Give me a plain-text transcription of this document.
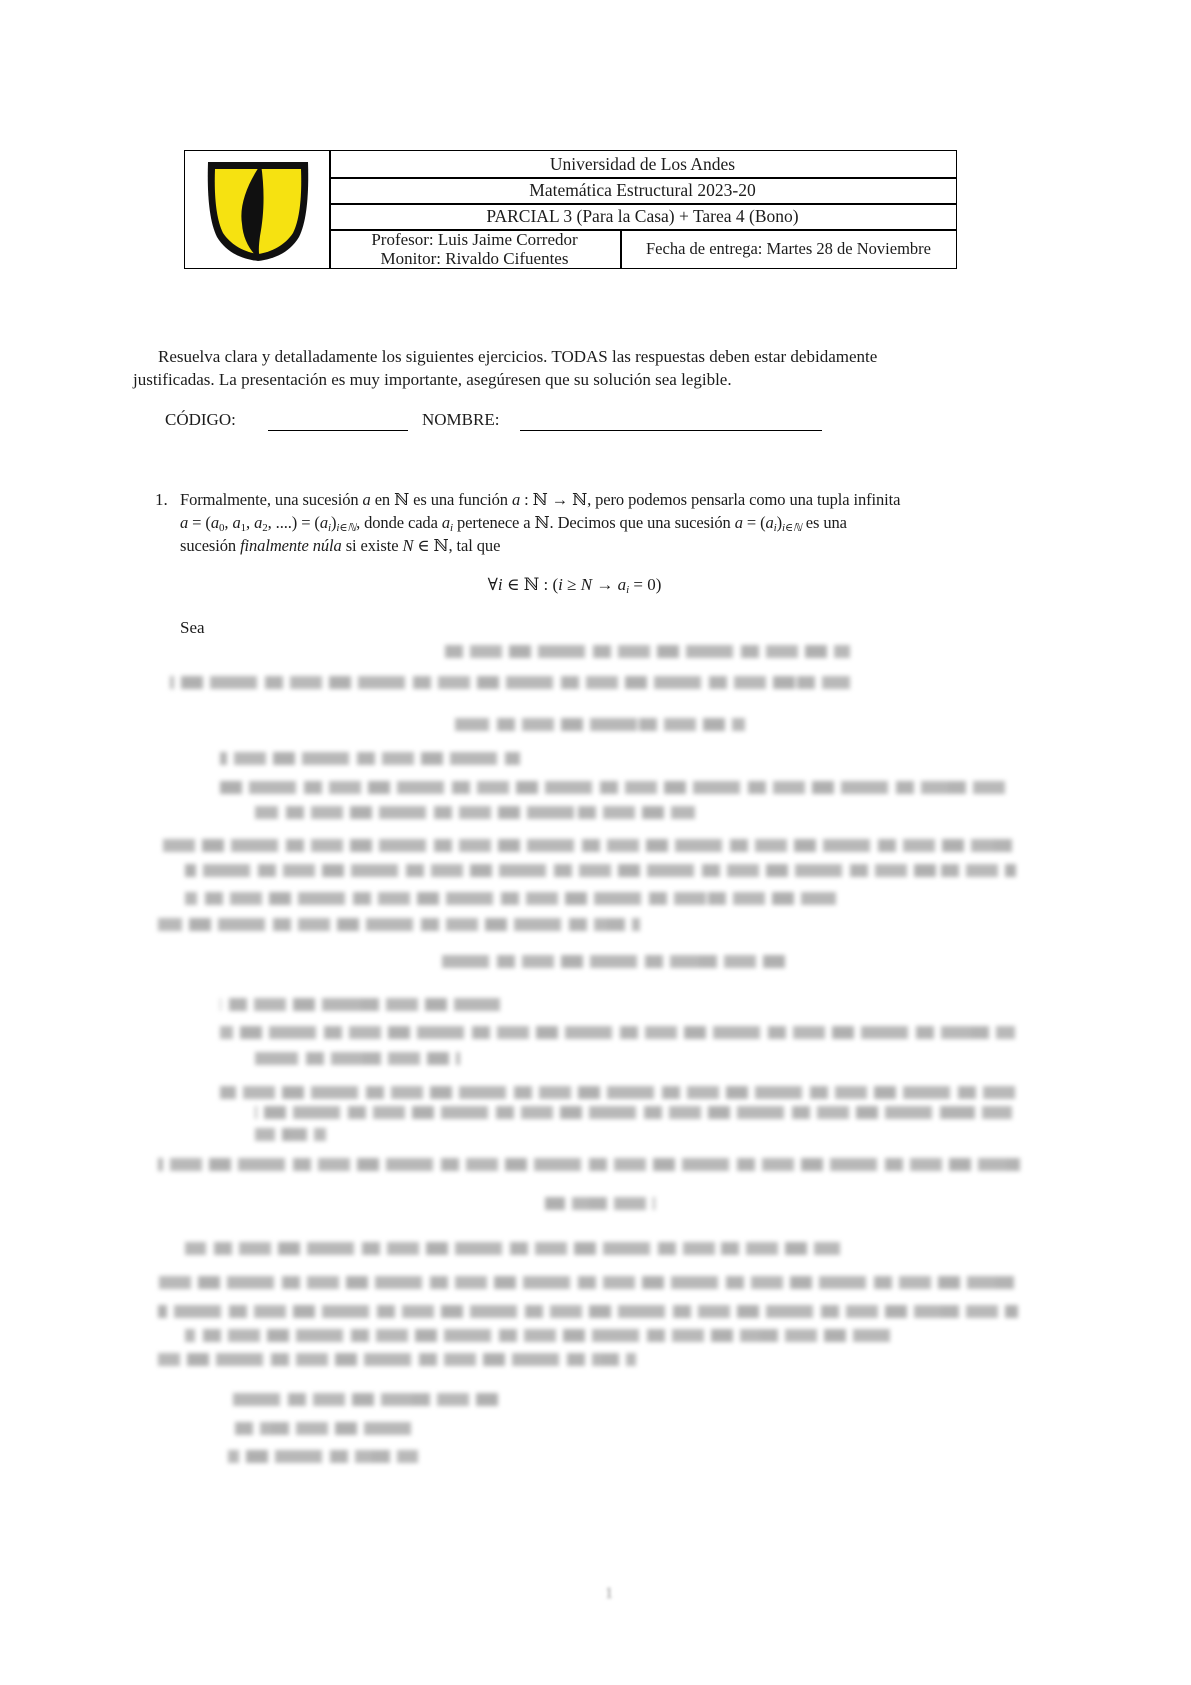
Universidad de Los Andes
Matemática Estructural 2023-20
PARCIAL 3 (Para la Casa) + Tarea 4 (Bono)
Profesor: Luis Jaime Corredor
Monitor: Rivaldo Cifuentes
Fecha de entrega: Martes 28 de Noviembre
Resuelva clara y detalladamente los siguientes ejercicios. TODAS las respuestas deben estar debidamente
justificadas. La presentación es muy importante, asegúresen que su solución sea legible.
CÓDIGO:	NOMBRE:
1. Formalmente, una sucesión a en ℕ es una función a : ℕ → ℕ, pero podemos pensarla como una tupla infinita
a = (a0, a1, a2, ....) = (ai)i∈ℕ, donde cada ai pertenece a ℕ. Decimos que una sucesión a = (ai)i∈ℕ es una
sucesión finalmente núla si existe N ∈ ℕ, tal que
∀i ∈ ℕ : (i ≥ N → ai = 0)
Sea
1
